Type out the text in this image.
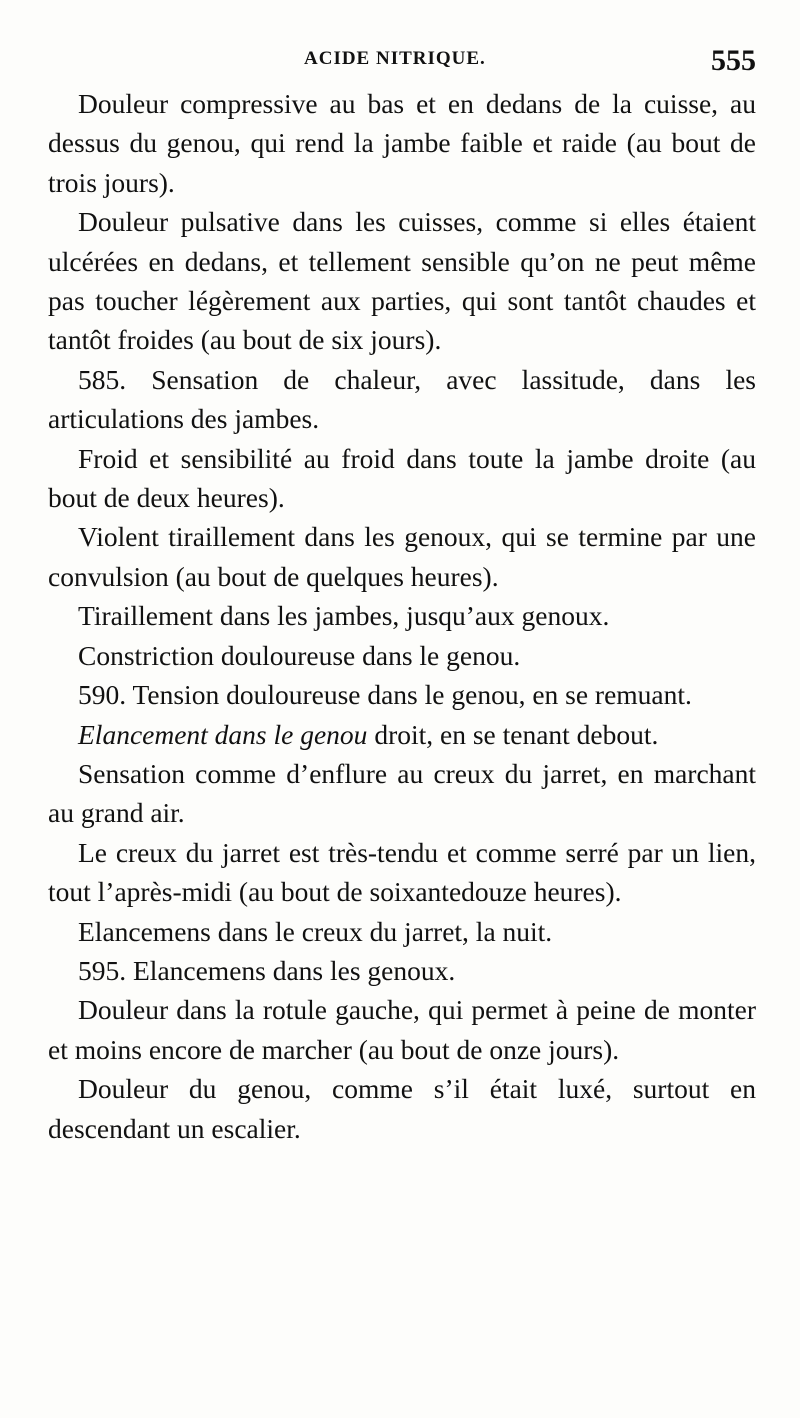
ACIDE NITRIQUE.	555

Douleur compressive au bas et en dedans de la cuisse, au dessus du genou, qui rend la jambe faible et raide (au bout de trois jours).

Douleur pulsative dans les cuisses, comme si elles étaient ulcérées en dedans, et tellement sensible qu’on ne peut même pas toucher légèrement aux parties, qui sont tantôt chaudes et tantôt froides (au bout de six jours).

585. Sensation de chaleur, avec lassitude, dans les articulations des jambes.

Froid et sensibilité au froid dans toute la jambe droite (au bout de deux heures).

Violent tiraillement dans les genoux, qui se termine par une convulsion (au bout de quelques heures).

Tiraillement dans les jambes, jusqu’aux genoux.

Constriction douloureuse dans le genou.

590. Tension douloureuse dans le genou, en se remuant.

Elancement dans le genou droit, en se tenant debout.

Sensation comme d’enflure au creux du jarret, en marchant au grand air.

Le creux du jarret est très-tendu et comme serré par un lien, tout l’après-midi (au bout de soixantedouze heures).

Elancemens dans le creux du jarret, la nuit.

595. Elancemens dans les genoux.

Douleur dans la rotule gauche, qui permet à peine de monter et moins encore de marcher (au bout de onze jours).

Douleur du genou, comme s’il était luxé, surtout en descendant un escalier.
